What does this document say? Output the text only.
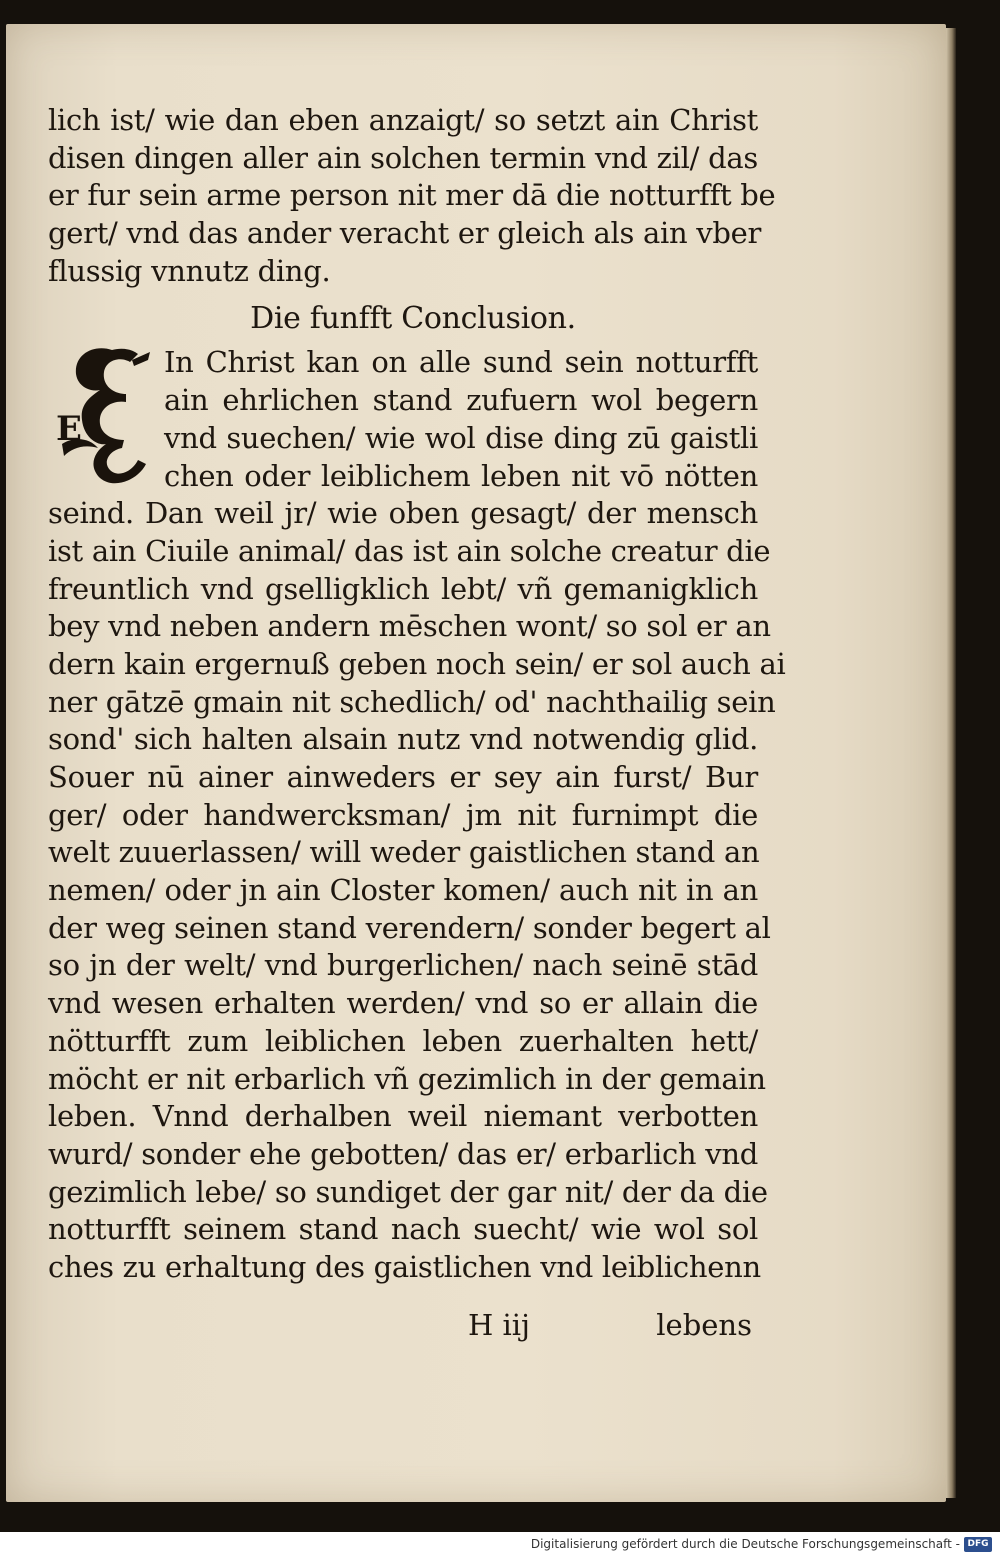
lich ist/ wie dan eben anzaigt/ so setzt ain Christ
disen dingen aller ain solchen termin vnd zil/ das
er fur sein arme person nit mer dā die notturfft be
gert/ vnd das ander veracht er gleich als ain vber
flussig vnnutz ding.
Die funfft Conclusion.
E
In Christ kan on alle sund sein notturfft
ain ehrlichen stand zufuern wol begern
vnd suechen/ wie wol dise ding zū gaistli
chen oder leiblichem leben nit vō nötten
seind. Dan weil jr/ wie oben gesagt/ der mensch
ist ain Ciuile animal/ das ist ain solche creatur die
freuntlich vnd gselligklich lebt/ vñ gemanigklich
bey vnd neben andern mēschen wont/ so sol er an
dern kain ergernuß geben noch sein/ er sol auch ai
ner gātzē gmain nit schedlich/ od' nachthailig sein
sond' sich halten alsain nutz vnd notwendig glid.
Souer nū ainer ainweders er sey ain furst/ Bur
ger/ oder handwercksman/ jm nit furnimpt die
welt zuuerlassen/ will weder gaistlichen stand an
nemen/ oder jn ain Closter komen/ auch nit in an
der weg seinen stand verendern/ sonder begert al
so jn der welt/ vnd burgerlichen/ nach seinē stād
vnd wesen erhalten werden/ vnd so er allain die
nötturfft zum leiblichen leben zuerhalten hett/
möcht er nit erbarlich vñ gezimlich in der gemain
leben. Vnnd derhalben weil niemant verbotten
wurd/ sonder ehe gebotten/ das er/ erbarlich vnd
gezimlich lebe/ so sundiget der gar nit/ der da die
notturfft seinem stand nach suecht/ wie wol sol
ches zu erhaltung des gaistlichen vnd leiblichenn
H iij	lebens
Digitalisierung gefördert durch die Deutsche Forschungsgemeinschaft - DFG
